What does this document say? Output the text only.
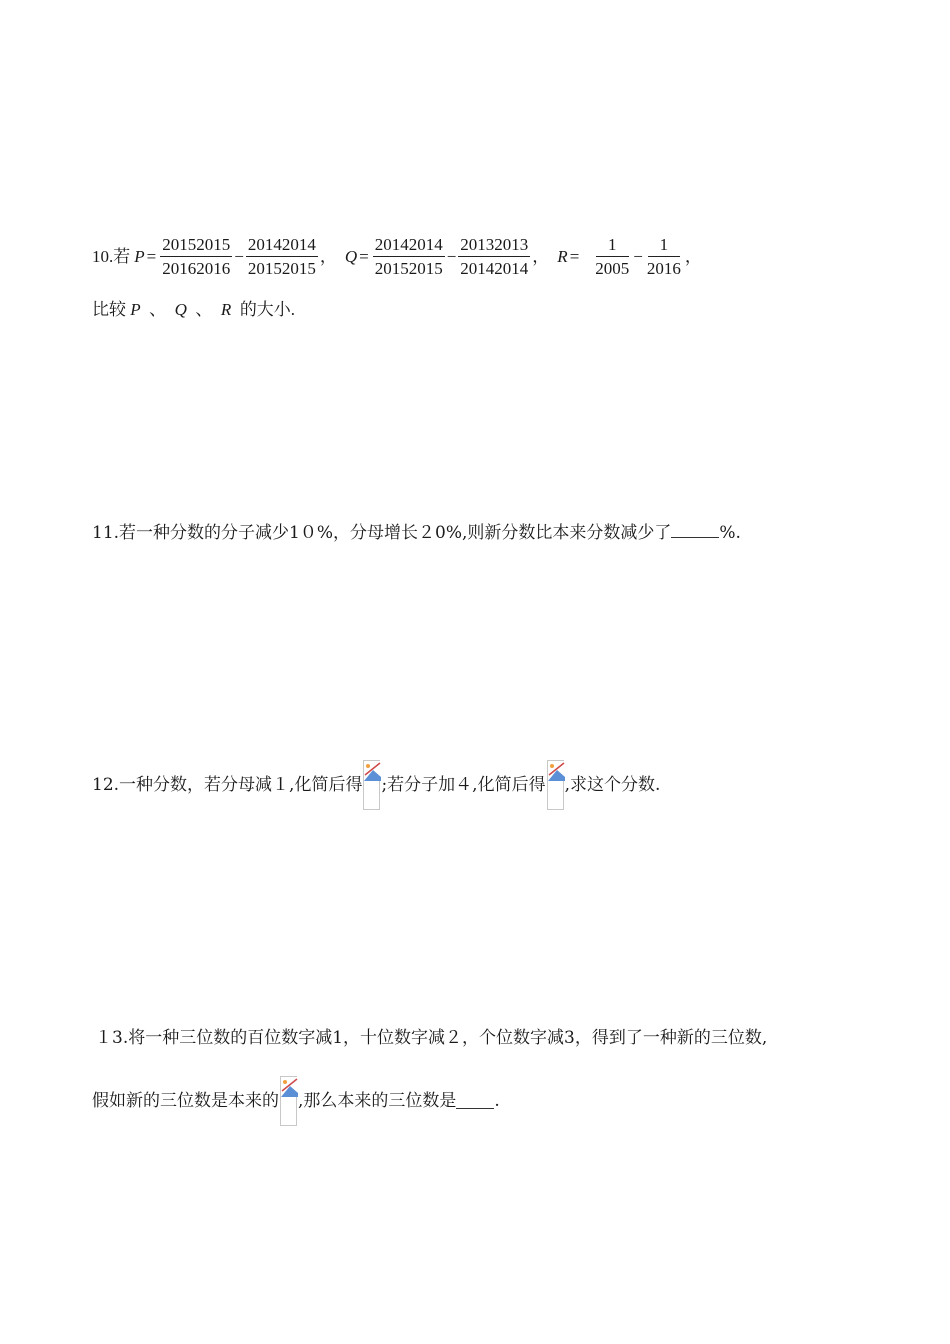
10.若 $P = \frac{20152015}{20162016} - \frac{20142014}{20152015}$ ， $Q = \frac{20142014}{20152015} - \frac{20132013}{20142014}$ ， $R = \frac{1}{2005} - \frac{1}{2016}$ ，
比较 P  、  Q  、  R  的大小.
11.若一种分数的分子减少1０%，分母增长２0%,则新分数比本来分数减少了	%.
12.一种分数，若分母减１,化简后得 ;若分子加４,化简后得 ,求这个分数.
１3.将一种三位数的百位数字减1，十位数字减２，个位数字减3，得到了一种新的三位数,
假如新的三位数是本来的 ,那么本来的三位数是 .
